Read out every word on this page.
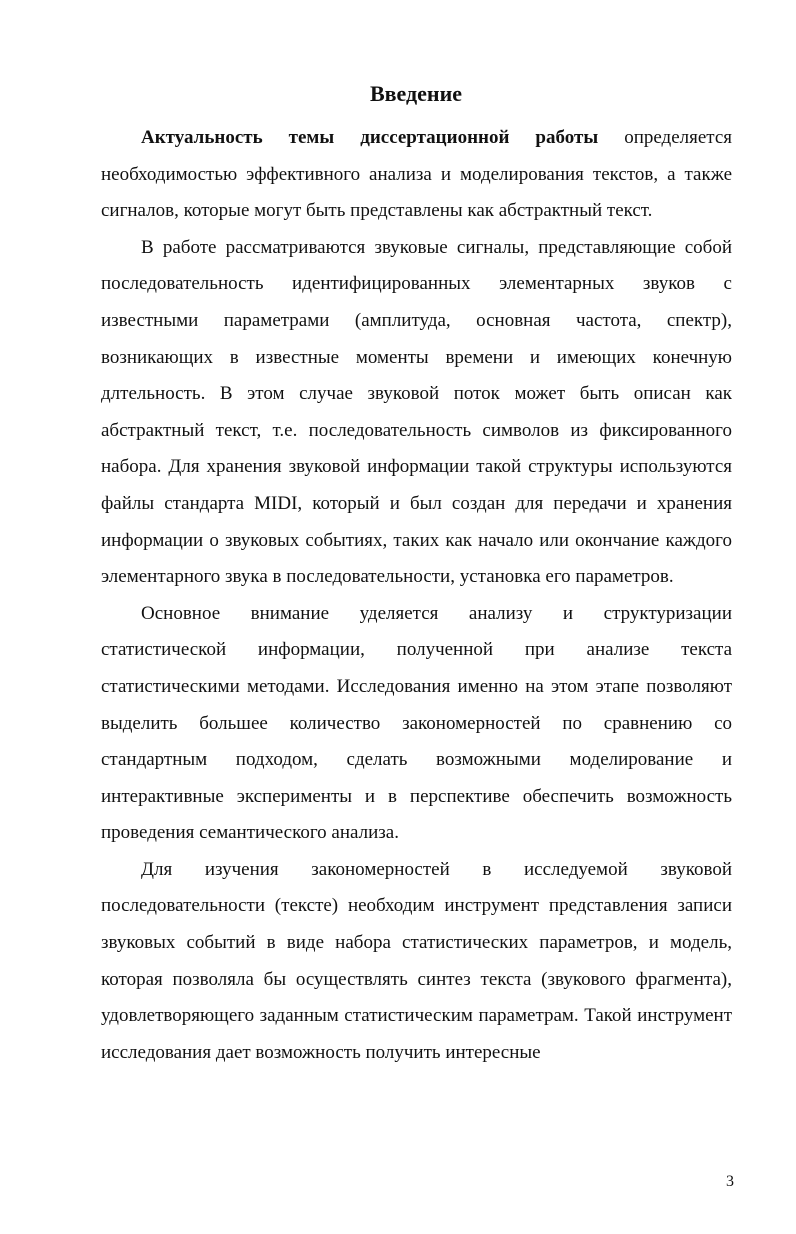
Введение

Актуальность темы диссертационной работы определяется необходимостью эффективного анализа и моделирования текстов, а также сигналов, которые могут быть представлены как абстрактный текст.

В работе рассматриваются звуковые сигналы, представляющие собой последовательность идентифицированных элементарных звуков с известными параметрами (амплитуда, основная частота, спектр), возникающих в известные моменты времени и имеющих конечную длтельность. В этом случае звуковой поток может быть описан как абстрактный текст, т.е. последовательность символов из фиксированного набора. Для хранения звуковой информации такой структуры используются файлы стандарта MIDI, который и был создан для передачи и хранения информации о звуковых событиях, таких как начало или окончание каждого элементарного звука в последовательности, установка его параметров.

Основное внимание уделяется анализу и структуризации статистической информации, полученной при анализе текста статистическими методами. Исследования именно на этом этапе позволяют выделить большее количество закономерностей по сравнению со стандартным подходом, сделать возможными моделирование и интерактивные эксперименты и в перспективе обеспечить возможность проведения семантического анализа.

Для изучения закономерностей в исследуемой звуковой последовательности (тексте) необходим инструмент представления записи звуковых событий в виде набора статистических параметров, и модель, которая позволяла бы осуществлять синтез текста (звукового фрагмента), удовлетворяющего заданным статистическим параметрам. Такой инструмент исследования дает возможность получить интересные

3
